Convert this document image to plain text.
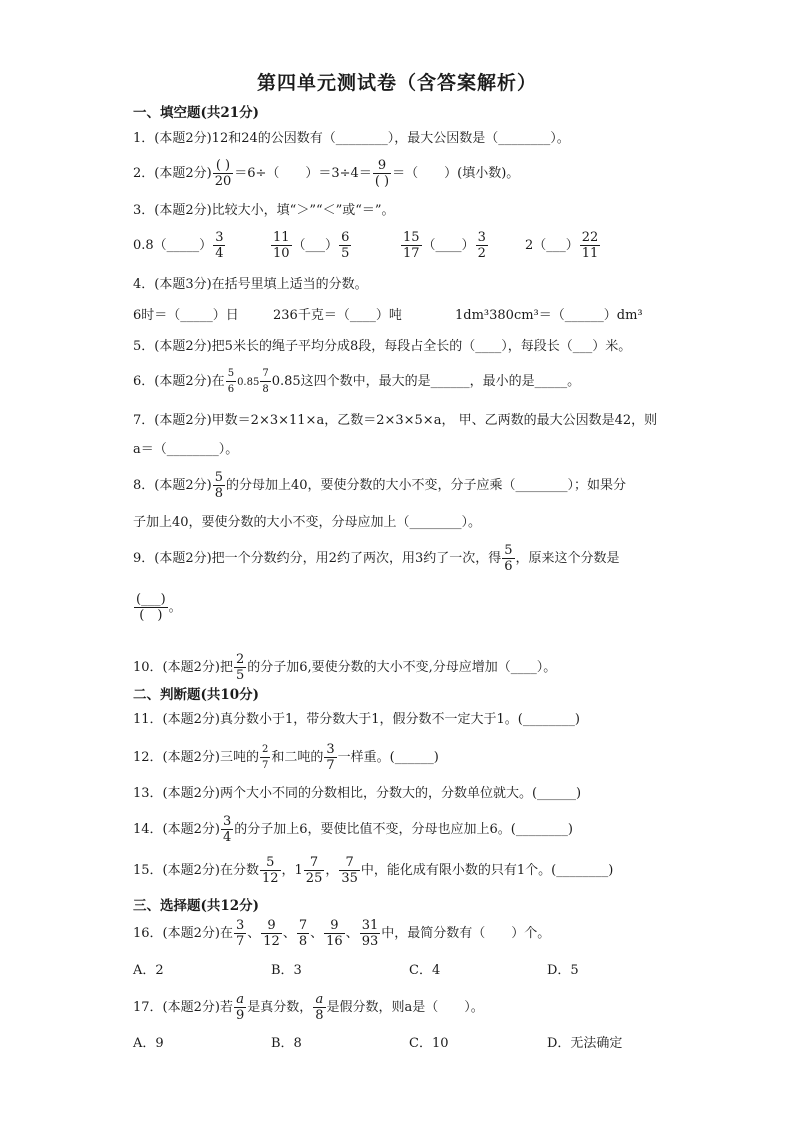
第四单元测试卷（含答案解析）
一、填空题(共21分)
1．(本题2分)12和24的公因数有（________），最大公因数是（________）。
2．(本题2分) $\frac{( )}{20} =6\div$（　　）$=3\div 4= \frac{9}{( )}$ ＝（　　）(填小数)。
3．(本题2分)比较大小，填“＞”“＜”或“＝”。
0.8（_____） $\frac{3}{4}$	$\frac{11}{10}$ （___） $\frac{6}{5}$	$\frac{15}{17}$ （____） $\frac{3}{2}$	2（___） $\frac{22}{11}$
4．(本题3分)在括号里填上适当的分数。
6时＝（_____）日	236千克＝（____）吨	1dm³380cm³＝（______）dm³
5．(本题2分)把5米长的绳子平均分成8段，每段占全长的（____），每段长（___）米。
6．(本题2分)在 $\frac{5}{6} 0.85 \frac{7}{8} 0.85$这四个数中，最大的是______，最小的是_____。
7．(本题2分)甲数＝2×3×11×a，乙数＝2×3×5×a， 甲、乙两数的最大公因数是42，则
a＝（________）。
8．(本题2分) $\frac{5}{8}$ 的分母加上40，要使分数的大小不变，分子应乘（________）；如果分
子加上40，要使分数的大小不变，分母应加上（________）。
9．(本题2分)把一个分数约分，用2约了两次，用3约了一次，得 $\frac{5}{6}$ ，原来这个分数是
$\frac{(\_\_\_)}{( )}$ 。
10．(本题2分)把 $\frac{2}{5}$ 的分子加6,要使分数的大小不变,分母应增加（____）。
二、判断题(共10分)
11．(本题2分)真分数小于1，带分数大于1，假分数不一定大于1。(________)
12．(本题2分)三吨的 $\frac{2}{7}$ 和二吨的 $\frac{3}{7}$ 一样重。(______)
13．(本题2分)两个大小不同的分数相比，分数大的，分数单位就大。(______)
14．(本题2分) $\frac{3}{4}$ 的分子加上6，要使比值不变，分母也应加上6。(________)
15．(本题2分)在分数 $\frac{5}{12}$ ，$1 \frac{7}{25}$ ， $\frac{7}{35}$ 中，能化成有限小数的只有1个。(________)
三、选择题(共12分)
16．(本题2分)在 $\frac{3}{7}$ 、 $\frac{9}{12}$ 、 $\frac{7}{8}$ 、 $\frac{9}{16}$ 、 $\frac{31}{93}$ 中，最简分数有（　　）个。
A．2	B．3	C．4	D．5
17．(本题2分)若 $\frac{a}{9}$ 是真分数， $\frac{a}{8}$ 是假分数，则a是（　　）。
A．9	B．8	C．10	D．无法确定
